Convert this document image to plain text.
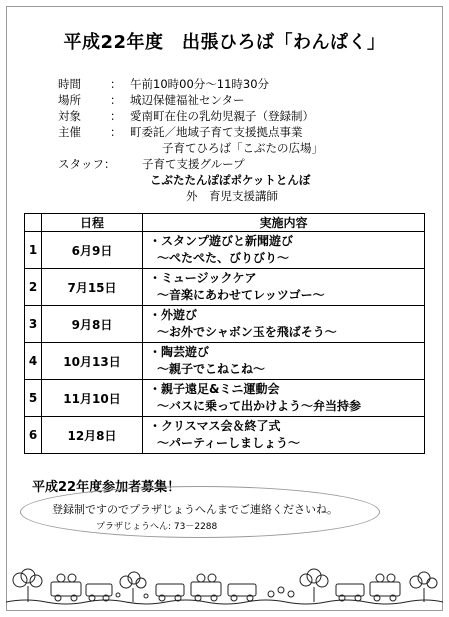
平成22年度　出張ひろば「わんぱく」
時間	： 午前10時00分～11時30分
場所	： 城辺保健福祉センター
対象	： 愛南町在住の乳幼児親子（登録制）
主催	： 町委託／地域子育て支援拠点事業
子育てひろば「こぶたの広場」
スタッフ： 子育て支援グループ
こぶたたんぽぽポケットとんぼ
外　育児支援講師
	日程	実施内容
1	6月9日	・スタンプ遊びと新聞遊び
～ぺたぺた、びりびり～

2	7月15日	・ミュージックケア
～音楽にあわせてレッツゴー～

3	9月8日	・外遊び
～お外でシャボン玉を飛ばそう～

4	10月13日	・陶芸遊び
～親子でこねこね～

5	11月10日	・親子遠足&ミニ運動会
～バスに乗って出かけよう～弁当持参

6	12月8日	・クリスマス会＆終了式
～パーティーしましょう～
平成22年度参加者募集！
登録制ですのでプラザじょうへんまでご連絡くださいね。
プラザじょうへん: 73－2288
